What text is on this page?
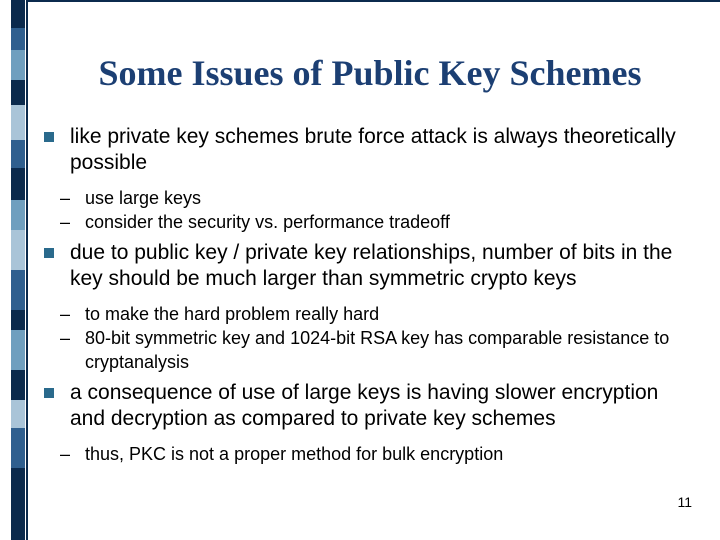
Some Issues of Public Key Schemes
like private key schemes brute force attack is always theoretically possible
– use large keys
– consider the security vs. performance tradeoff
due to public key / private key relationships, number of bits in the key should be much larger than symmetric crypto keys
– to make the hard problem really hard
– 80-bit symmetric key and 1024-bit RSA key has comparable resistance to cryptanalysis
a consequence of use of large keys is having slower encryption and decryption as compared to private key schemes
– thus, PKC is not a proper method for bulk encryption
11
